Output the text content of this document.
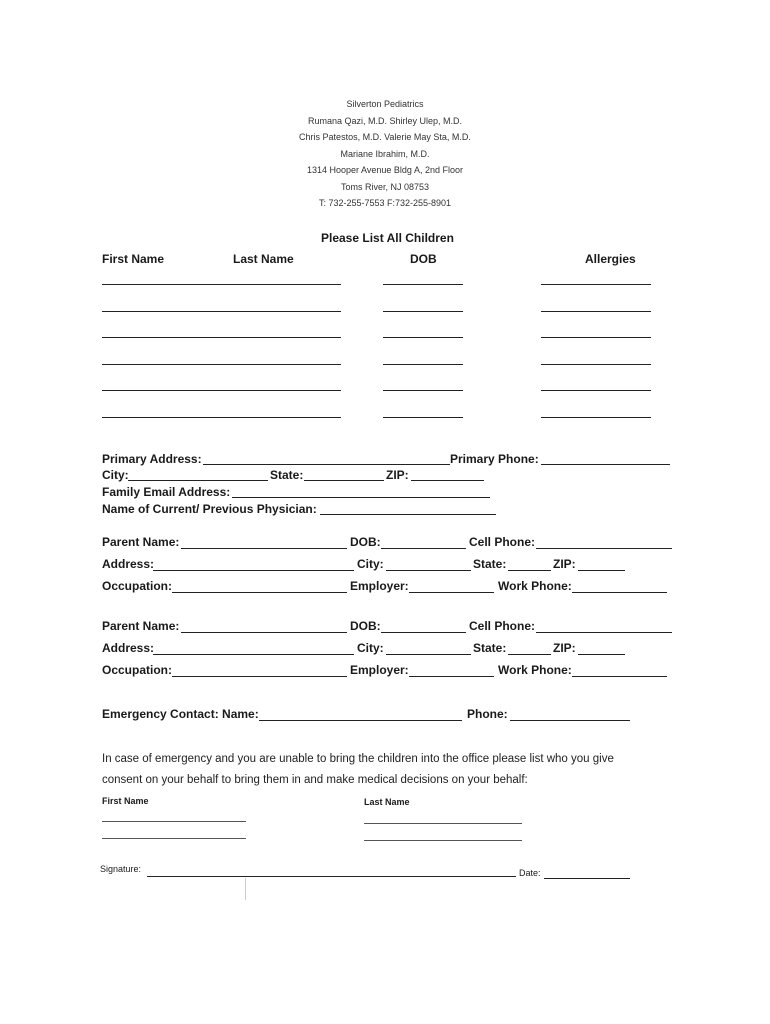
Silverton Pediatrics
Rumana Qazi, M.D. Shirley Ulep, M.D.
Chris Patestos, M.D. Valerie May Sta, M.D.
Mariane Ibrahim, M.D.
1314 Hooper Avenue Bldg A, 2nd Floor
Toms River, NJ 08753
T: 732-255-7553 F:732-255-8901
Please List All Children
First Name	Last Name	DOB	Allergies
Primary Address:	Primary Phone:
City:	State:	ZIP:
Family Email Address:
Name of Current/ Previous Physician:
Parent Name:	DOB:	Cell Phone:
Address:	City:	State:	ZIP:
Occupation:	Employer:	Work Phone:
Parent Name:	DOB:	Cell Phone:
Address:	City:	State:	ZIP:
Occupation:	Employer:	Work Phone:
Emergency Contact: Name:	Phone:
In case of emergency and you are unable to bring the children into the office please list who you give
consent on your behalf to bring them in and make medical decisions on your behalf:
First Name	Last Name
Signature:	Date:
